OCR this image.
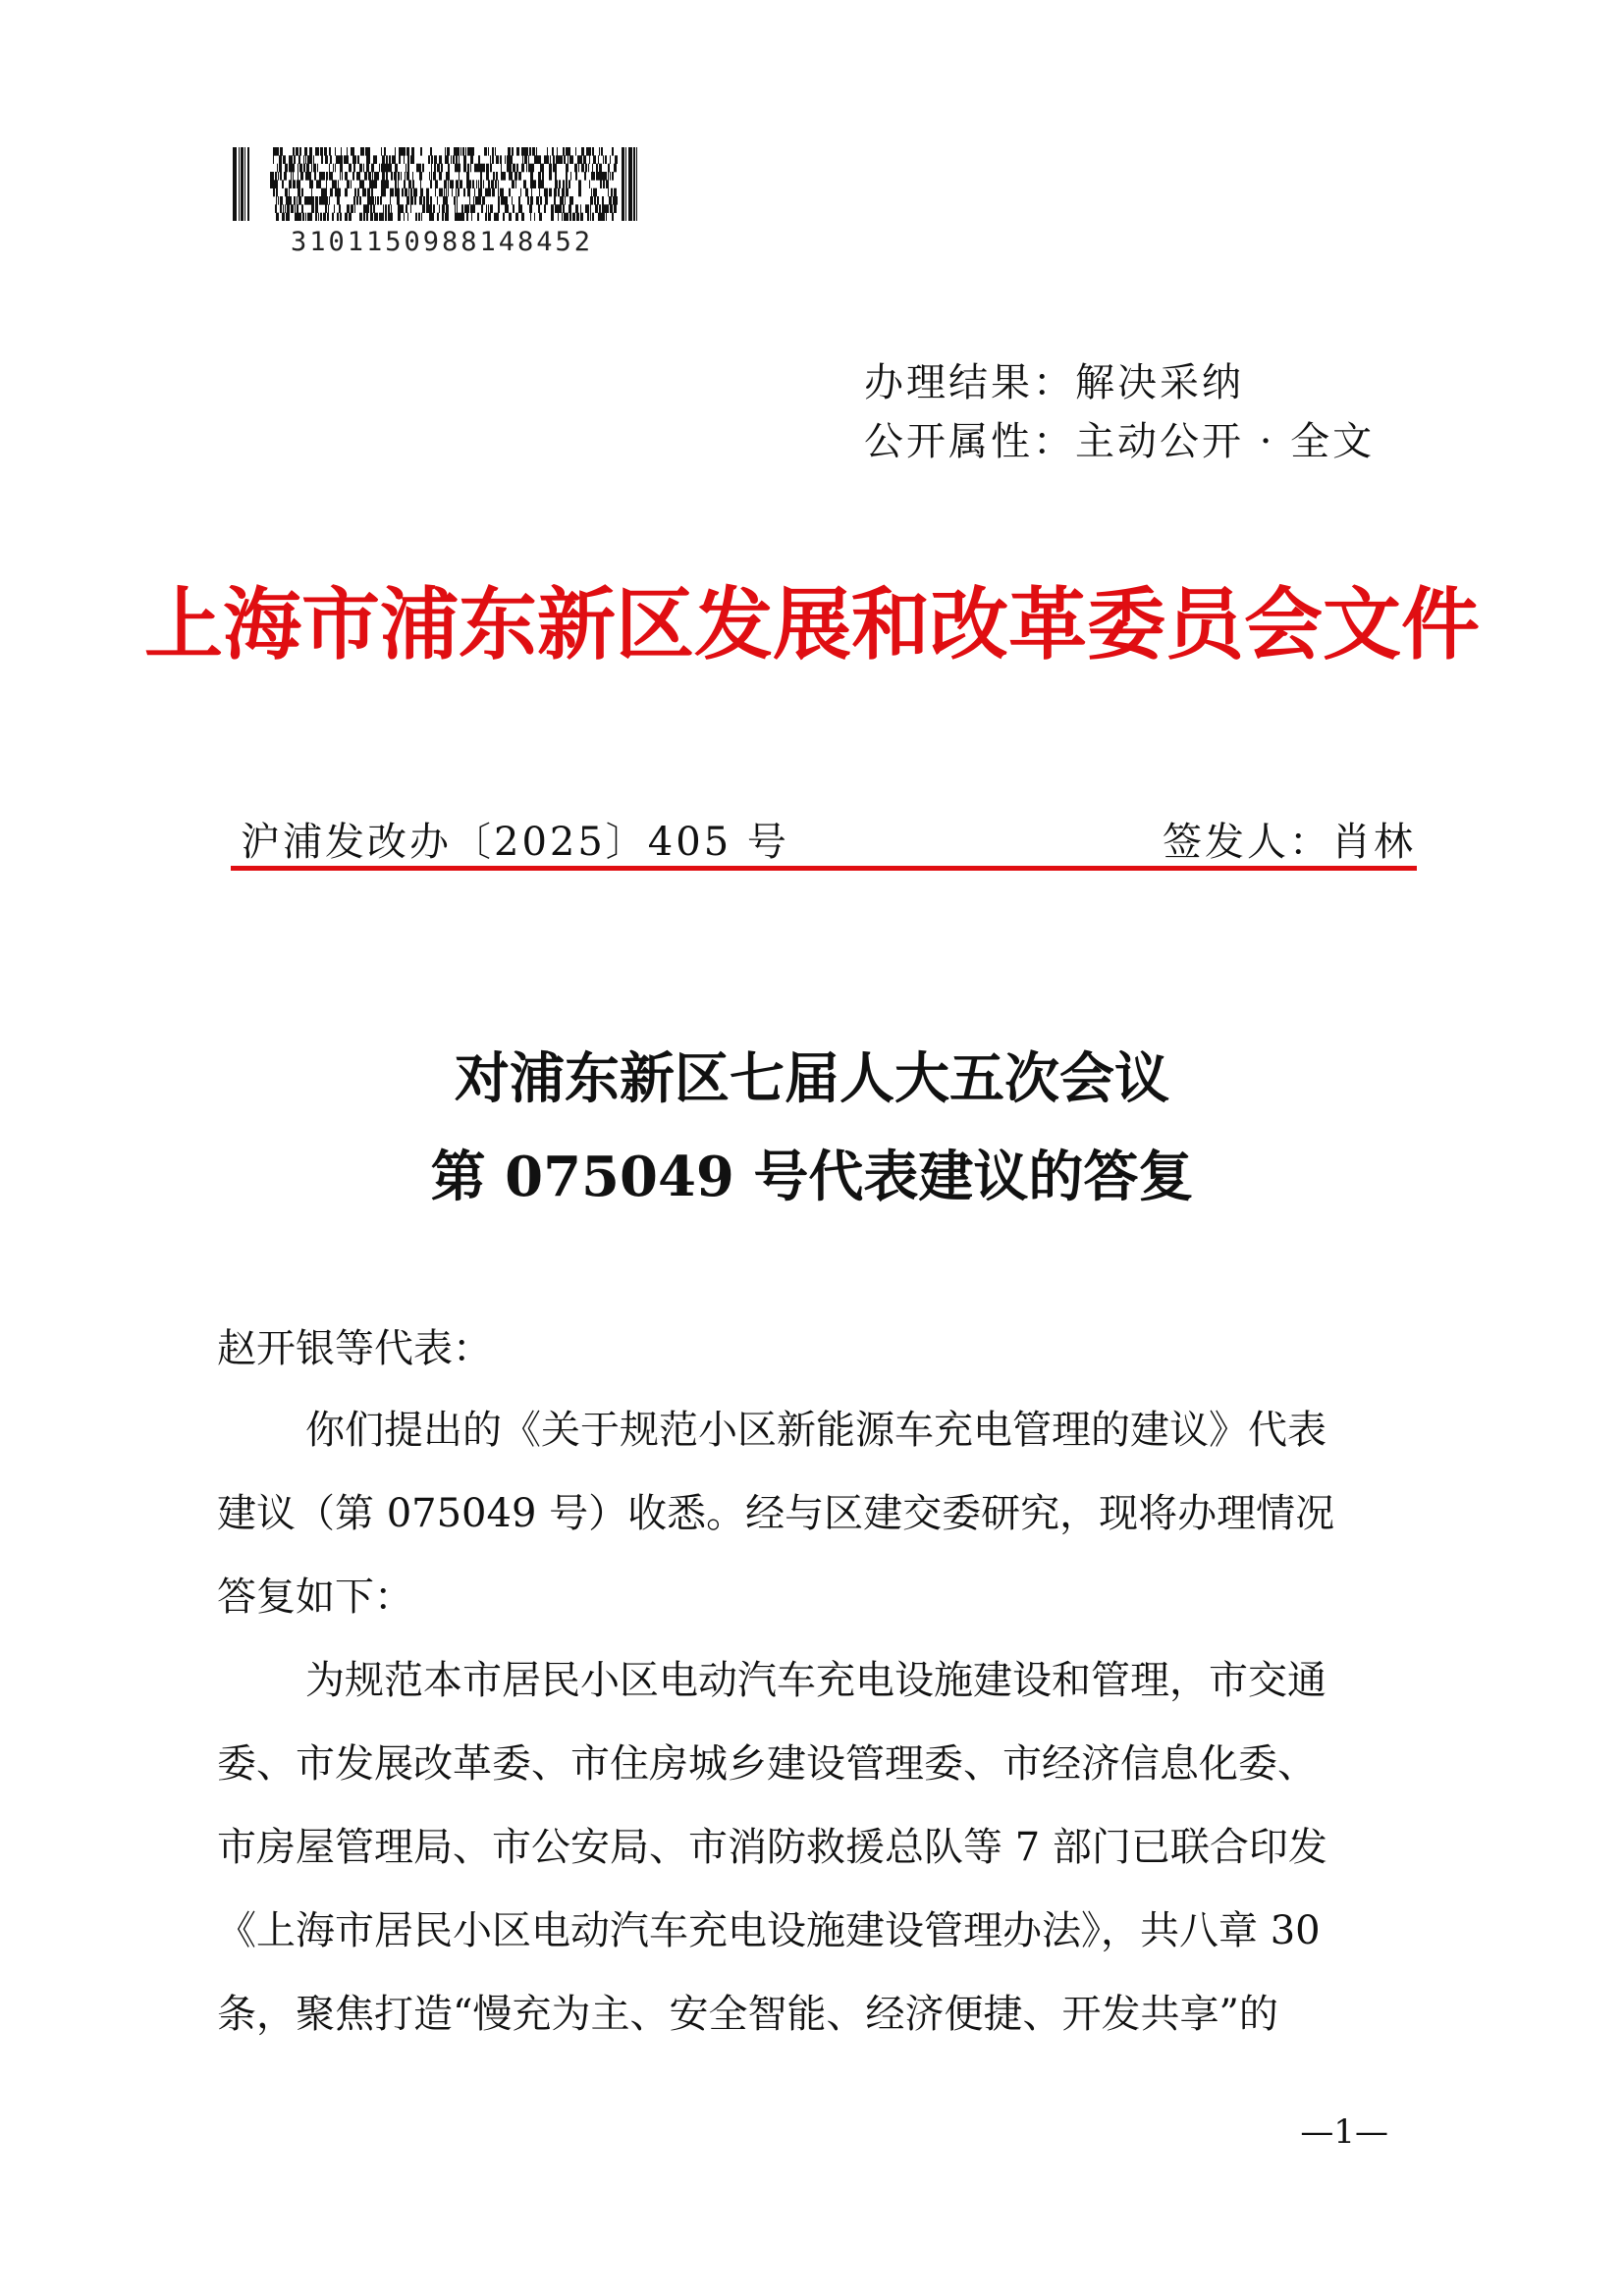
3101150988148452
办理结果：解决采纳
公开属性：主动公开 · 全文
上海市浦东新区发展和改革委员会文件
沪浦发改办〔2025〕405 号	签发人：肖林
对浦东新区七届人大五次会议
第 075049 号代表建议的答复
赵开银等代表：
你们提出的《关于规范小区新能源车充电管理的建议》代表
建议（第 075049 号）收悉。经与区建交委研究，现将办理情况
答复如下：
为规范本市居民小区电动汽车充电设施建设和管理，市交通
委、市发展改革委、市住房城乡建设管理委、市经济信息化委、
市房屋管理局、市公安局、市消防救援总队等 7 部门已联合印发
《上海市居民小区电动汽车充电设施建设管理办法》，共八章 30
条，聚焦打造“慢充为主、安全智能、经济便捷、开发共享”的
—1—
